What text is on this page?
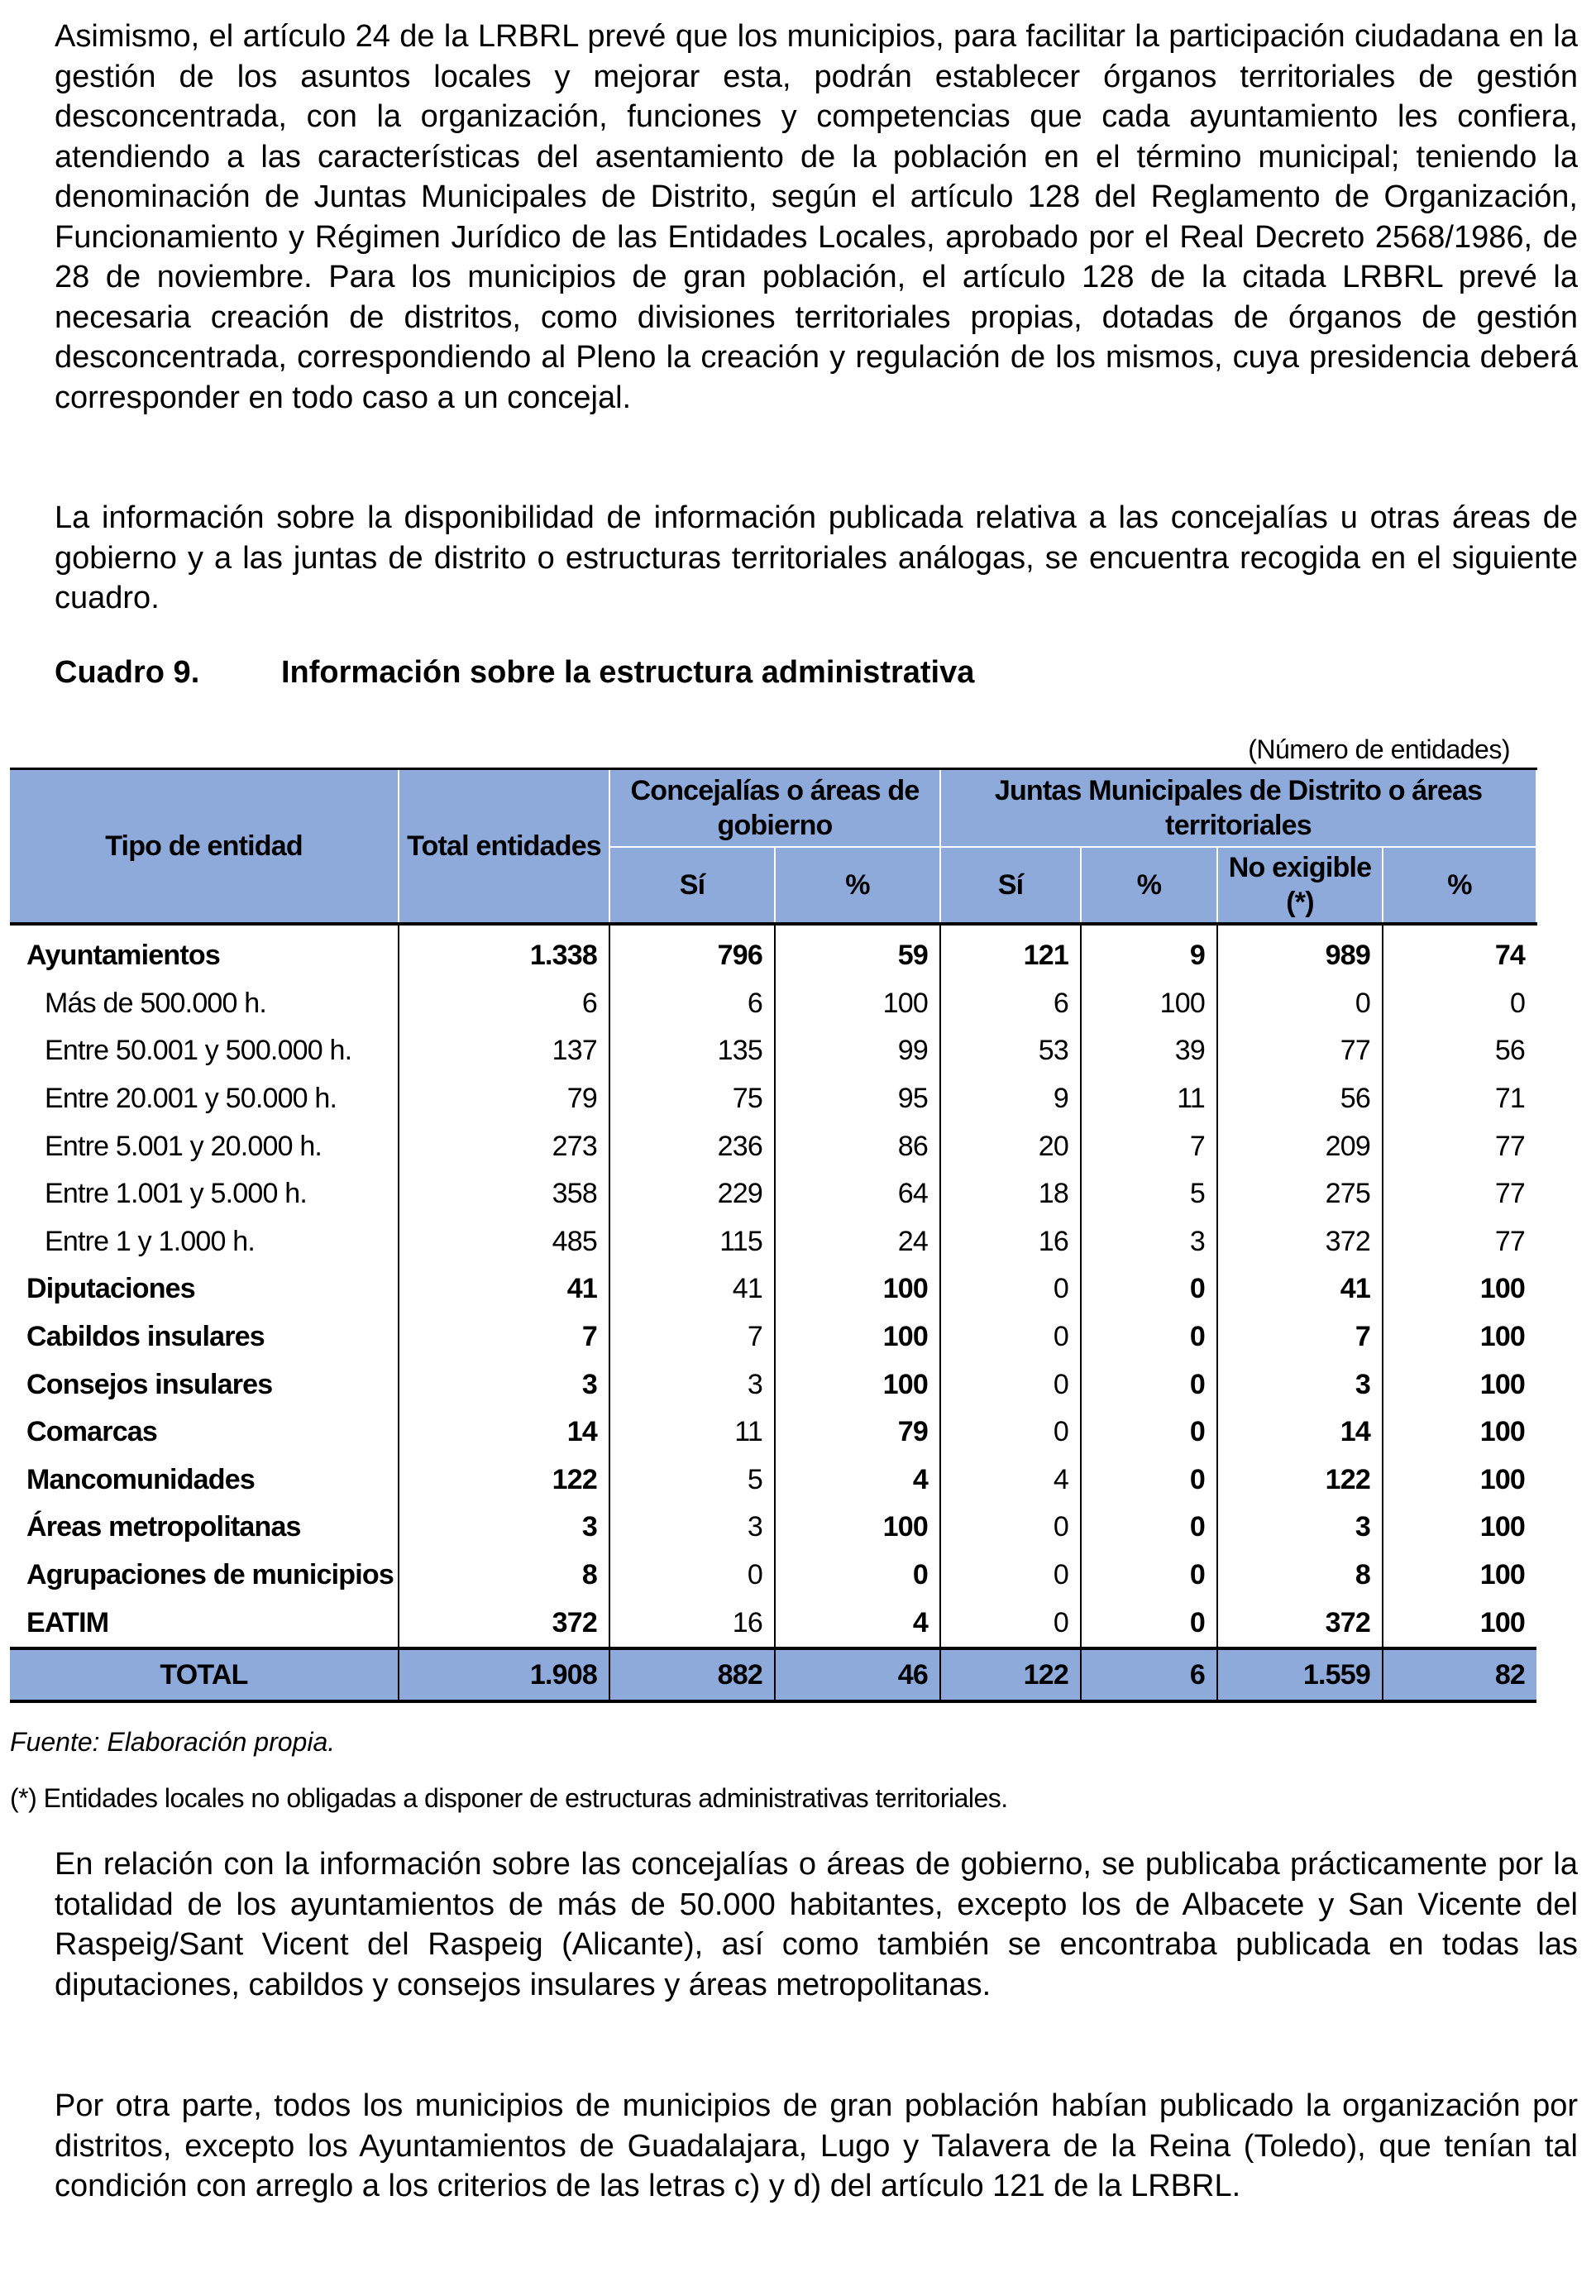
Asimismo, el artículo 24 de la LRBRL prevé que los municipios, para facilitar la participación ciudadana en la gestión de los asuntos locales y mejorar esta, podrán establecer órganos territoriales de gestión desconcentrada, con la organización, funciones y competencias que cada ayuntamiento les confiera, atendiendo a las características del asentamiento de la población en el término municipal; teniendo la denominación de Juntas Municipales de Distrito, según el artículo 128 del Reglamento de Organización, Funcionamiento y Régimen Jurídico de las Entidades Locales, aprobado por el Real Decreto 2568/1986, de 28 de noviembre. Para los municipios de gran población, el artículo 128 de la citada LRBRL prevé la necesaria creación de distritos, como divisiones territoriales propias, dotadas de órganos de gestión desconcentrada, correspondiendo al Pleno la creación y regulación de los mismos, cuya presidencia deberá corresponder en todo caso a un concejal.

La información sobre la disponibilidad de información publicada relativa a las concejalías u otras áreas de gobierno y a las juntas de distrito o estructuras territoriales análogas, se encuentra recogida en el siguiente cuadro.

Cuadro 9.	Información sobre la estructura administrativa
(Número de entidades)
Tipo de entidad	Total entidades	Concejalías o áreas de gobierno		Juntas Municipales de Distrito o áreas territoriales			
		Sí	%	Sí	%	No exigible (*)	%
Ayuntamientos	1.338	796	59	121	9	989	74
Más de 500.000 h.	6	6	100	6	100	0	0
Entre 50.001 y 500.000 h.	137	135	99	53	39	77	56
Entre 20.001 y 50.000 h.	79	75	95	9	11	56	71
Entre 5.001 y 20.000 h.	273	236	86	20	7	209	77
Entre 1.001 y 5.000 h.	358	229	64	18	5	275	77
Entre 1 y 1.000 h.	485	115	24	16	3	372	77
Diputaciones	41	41	100	0	0	41	100
Cabildos insulares	7	7	100	0	0	7	100
Consejos insulares	3	3	100	0	0	3	100
Comarcas	14	11	79	0	0	14	100
Mancomunidades	122	5	4	4	0	122	100
Áreas metropolitanas	3	3	100	0	0	3	100
Agrupaciones de municipios	8	0	0	0	0	8	100
EATIM	372	16	4	0	0	372	100
TOTAL	1.908	882	46	122	6	1.559	82
Fuente: Elaboración propia.
(*) Entidades locales no obligadas a disponer de estructuras administrativas territoriales.

En relación con la información sobre las concejalías o áreas de gobierno, se publicaba prácticamente por la totalidad de los ayuntamientos de más de 50.000 habitantes, excepto los de Albacete y San Vicente del Raspeig/Sant Vicent del Raspeig (Alicante), así como también se encontraba publicada en todas las diputaciones, cabildos y consejos insulares y áreas metropolitanas.

Por otra parte, todos los municipios de municipios de gran población habían publicado la organización por distritos, excepto los Ayuntamientos de Guadalajara, Lugo y Talavera de la Reina (Toledo), que tenían tal condición con arreglo a los criterios de las letras c) y d) del artículo 121 de la LRBRL.
